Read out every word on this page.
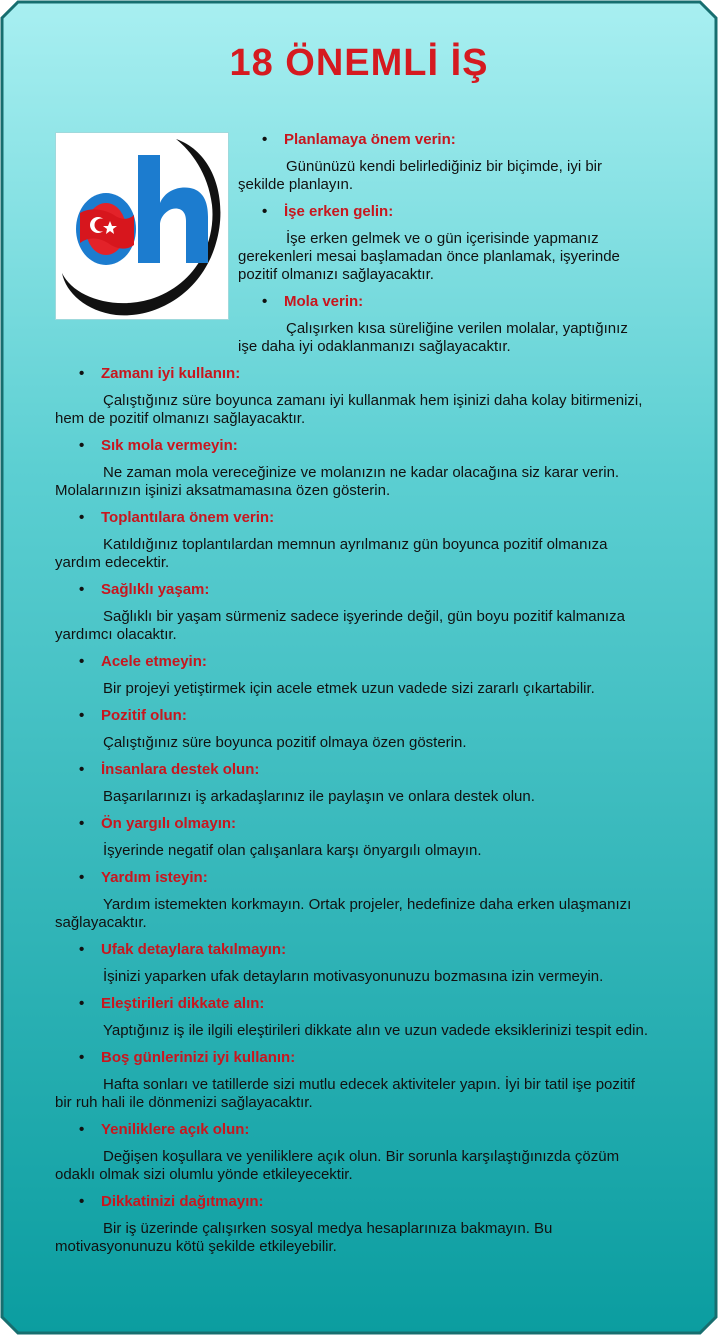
18 ÖNEMLİ İŞ
• Planlamaya önem verin:

Gününüzü kendi belirlediğiniz bir biçimde, iyi bir şekilde planlayın.

• İşe erken gelin:

İşe erken gelmek ve o gün içerisinde yapmanız gerekenleri mesai başlamadan önce planlamak, işyerinde pozitif olmanızı sağlayacaktır.

• Mola verin:

Çalışırken kısa süreliğine verilen molalar, yaptığınız işe daha iyi odaklanmanızı sağlayacaktır.

• Zamanı iyi kullanın:

Çalıştığınız süre boyunca zamanı iyi kullanmak hem işinizi daha kolay bitirmenizi, hem de pozitif olmanızı sağlayacaktır.

• Sık mola vermeyin:

Ne zaman mola vereceğinize ve molanızın ne kadar olacağına siz karar verin. Molalarınızın işinizi aksatmamasına özen gösterin.

• Toplantılara önem verin:

Katıldığınız toplantılardan memnun ayrılmanız gün boyunca pozitif olmanıza yardım edecektir.

• Sağlıklı yaşam:

Sağlıklı bir yaşam sürmeniz sadece işyerinde değil, gün boyu pozitif kalmanıza yardımcı olacaktır.

• Acele etmeyin:

Bir projeyi yetiştirmek için acele etmek uzun vadede sizi zararlı çıkartabilir.

• Pozitif olun:

Çalıştığınız süre boyunca pozitif olmaya özen gösterin.

• İnsanlara destek olun:

Başarılarınızı iş arkadaşlarınız ile paylaşın ve onlara destek olun.

• Ön yargılı olmayın:

İşyerinde negatif olan çalışanlara karşı önyargılı olmayın.

• Yardım isteyin:

Yardım istemekten korkmayın. Ortak projeler, hedefinize daha erken ulaşmanızı sağlayacaktır.

• Ufak detaylara takılmayın:

İşinizi yaparken ufak detayların motivasyonunuzu bozmasına izin vermeyin.

• Eleştirileri dikkate alın:

Yaptığınız iş ile ilgili eleştirileri dikkate alın ve uzun vadede eksiklerinizi tespit edin.

• Boş günlerinizi iyi kullanın:

Hafta sonları ve tatillerde sizi mutlu edecek aktiviteler yapın. İyi bir tatil işe pozitif bir ruh hali ile dönmenizi sağlayacaktır.

• Yeniliklere açık olun:

Değişen koşullara ve yeniliklere açık olun. Bir sorunla karşılaştığınızda çözüm odaklı olmak sizi olumlu yönde etkileyecektir.

• Dikkatinizi dağıtmayın:

Bir iş üzerinde çalışırken sosyal medya hesaplarınıza bakmayın. Bu motivasyonunuzu kötü şekilde etkileyebilir.
